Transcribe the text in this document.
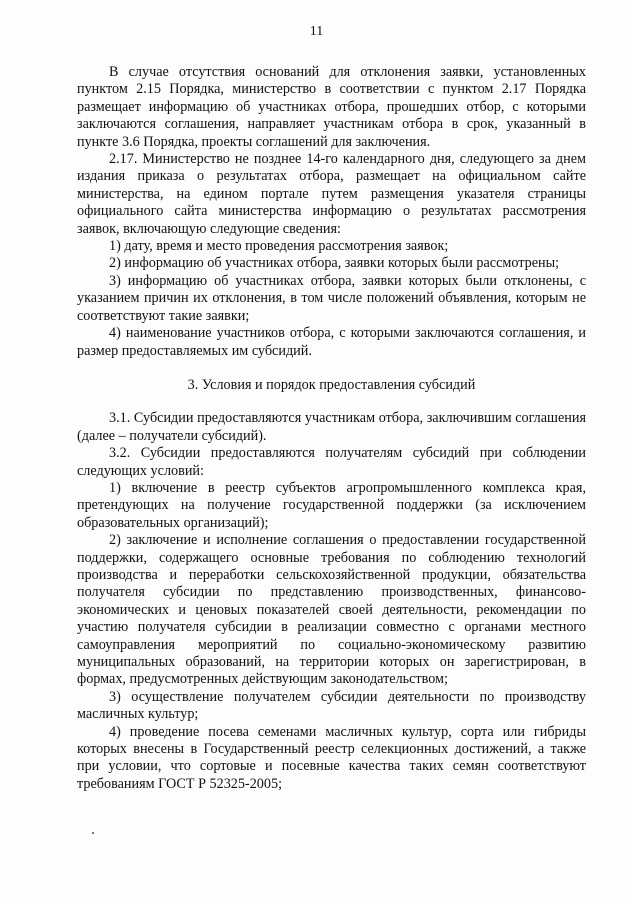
11

В случае отсутствия оснований для отклонения заявки, установленных пунктом 2.15 Порядка, министерство в соответствии с пунктом 2.17 Порядка размещает информацию об участниках отбора, прошедших отбор, с которыми заключаются соглашения, направляет участникам отбора в срок, указанный в пункте 3.6 Порядка, проекты соглашений для заключения.

2.17. Министерство не позднее 14-го календарного дня, следующего за днем издания приказа о результатах отбора, размещает на официальном сайте министерства, на едином портале путем размещения указателя страницы официального сайта министерства информацию о результатах рассмотрения заявок, включающую следующие сведения:

1) дату, время и место проведения рассмотрения заявок;

2) информацию об участниках отбора, заявки которых были рассмотрены;

3) информацию об участниках отбора, заявки которых были отклонены, с указанием причин их отклонения, в том числе положений объявления, которым не соответствуют такие заявки;

4) наименование участников отбора, с которыми заключаются соглашения, и размер предоставляемых им субсидий.

3. Условия и порядок предоставления субсидий

3.1. Субсидии предоставляются участникам отбора, заключившим соглашения (далее – получатели субсидий).

3.2. Субсидии предоставляются получателям субсидий при соблюдении следующих условий:

1) включение в реестр субъектов агропромышленного комплекса края, претендующих на получение государственной поддержки (за исключением образовательных организаций);

2) заключение и исполнение соглашения о предоставлении государственной поддержки, содержащего основные требования по соблюдению технологий производства и переработки сельскохозяйственной продукции, обязательства получателя субсидии по представлению производственных, финансово-экономических и ценовых показателей своей деятельности, рекомендации по участию получателя субсидии в реализации совместно с органами местного самоуправления мероприятий по социально-экономическому развитию муниципальных образований, на территории которых он зарегистрирован, в формах, предусмотренных действующим законодательством;

3) осуществление получателем субсидии деятельности по производству масличных культур;

4) проведение посева семенами масличных культур, сорта или гибриды которых внесены в Государственный реестр селекционных достижений, а также при условии, что сортовые и посевные качества таких семян соответствуют требованиям ГОСТ Р 52325-2005;
